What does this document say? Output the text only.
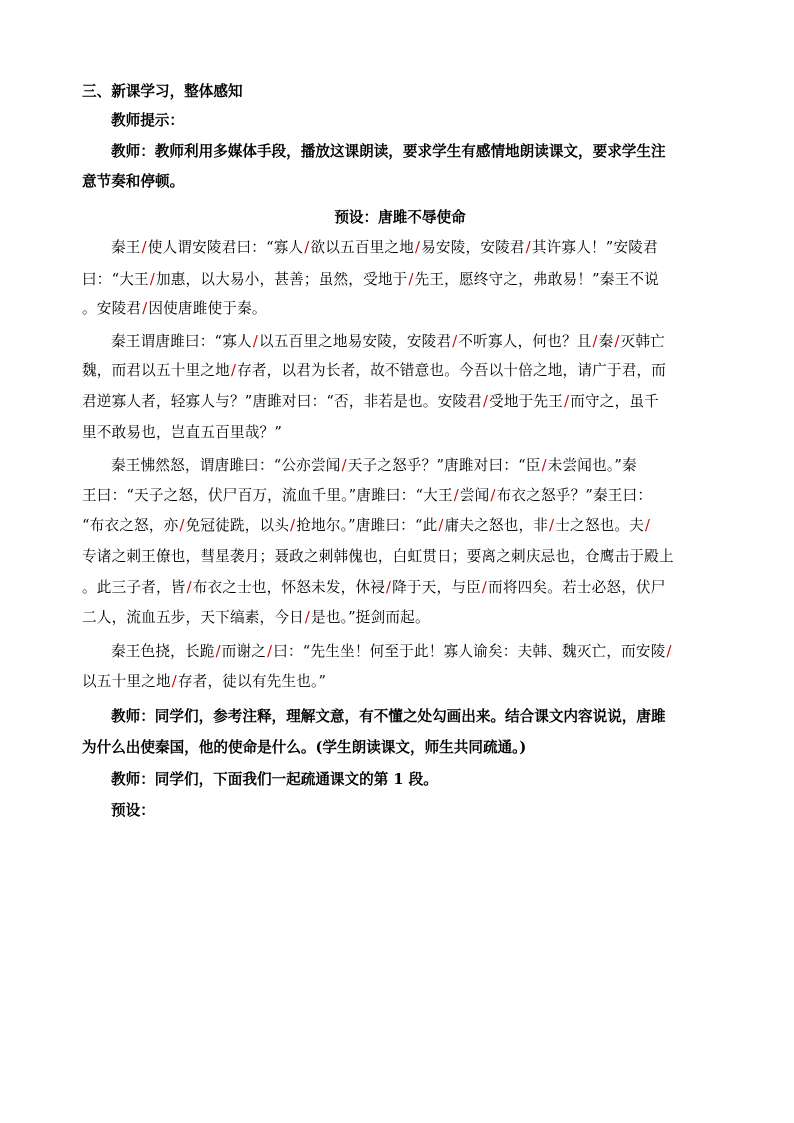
三、新课学习，整体感知
教师提示：
教师：教师利用多媒体手段，播放这课朗读，要求学生有感情地朗读课文，要求学生注
意节奏和停顿。
预设：唐雎不辱使命
秦王/使人谓安陵君曰：“寡人/欲以五百里之地/易安陵，安陵君/其许寡人！”安陵君
曰：“大王/加惠，以大易小，甚善；虽然，受地于/先王，愿终守之，弗敢易！”秦王不说
。安陵君/因使唐雎使于秦。
秦王谓唐雎曰：“寡人/以五百里之地易安陵，安陵君/不听寡人，何也？且/秦/灭韩亡
魏，而君以五十里之地/存者，以君为长者，故不错意也。今吾以十倍之地，请广于君，而
君逆寡人者，轻寡人与？”唐雎对曰：“否，非若是也。安陵君/受地于先王/而守之，虽千
里不敢易也，岂直五百里哉？”
秦王怫然怒，谓唐雎曰：“公亦尝闻/天子之怒乎？”唐雎对曰：“臣/未尝闻也。”秦
王曰：“天子之怒，伏尸百万，流血千里。”唐雎曰：“大王/尝闻/布衣之怒乎？”秦王曰：
“布衣之怒，亦/免冠徒跣，以头/抢地尔。”唐雎曰：“此/庸夫之怒也，非/士之怒也。夫/
专诸之刺王僚也，彗星袭月；聂政之刺韩傀也，白虹贯日；要离之刺庆忌也，仓鹰击于殿上
。此三子者，皆/布衣之士也，怀怒未发，休祲/降于天，与臣/而将四矣。若士必怒，伏尸
二人，流血五步，天下缟素，今日/是也。”挺剑而起。
秦王色挠，长跪/而谢之/曰：“先生坐！何至于此！寡人谕矣：夫韩、魏灭亡，而安陵/
以五十里之地/存者，徒以有先生也。”
教师：同学们，参考注释，理解文意，有不懂之处勾画出来。结合课文内容说说，唐雎
为什么出使秦国，他的使命是什么。(学生朗读课文，师生共同疏通。)
教师：同学们，下面我们一起疏通课文的第 1 段。
预设：
